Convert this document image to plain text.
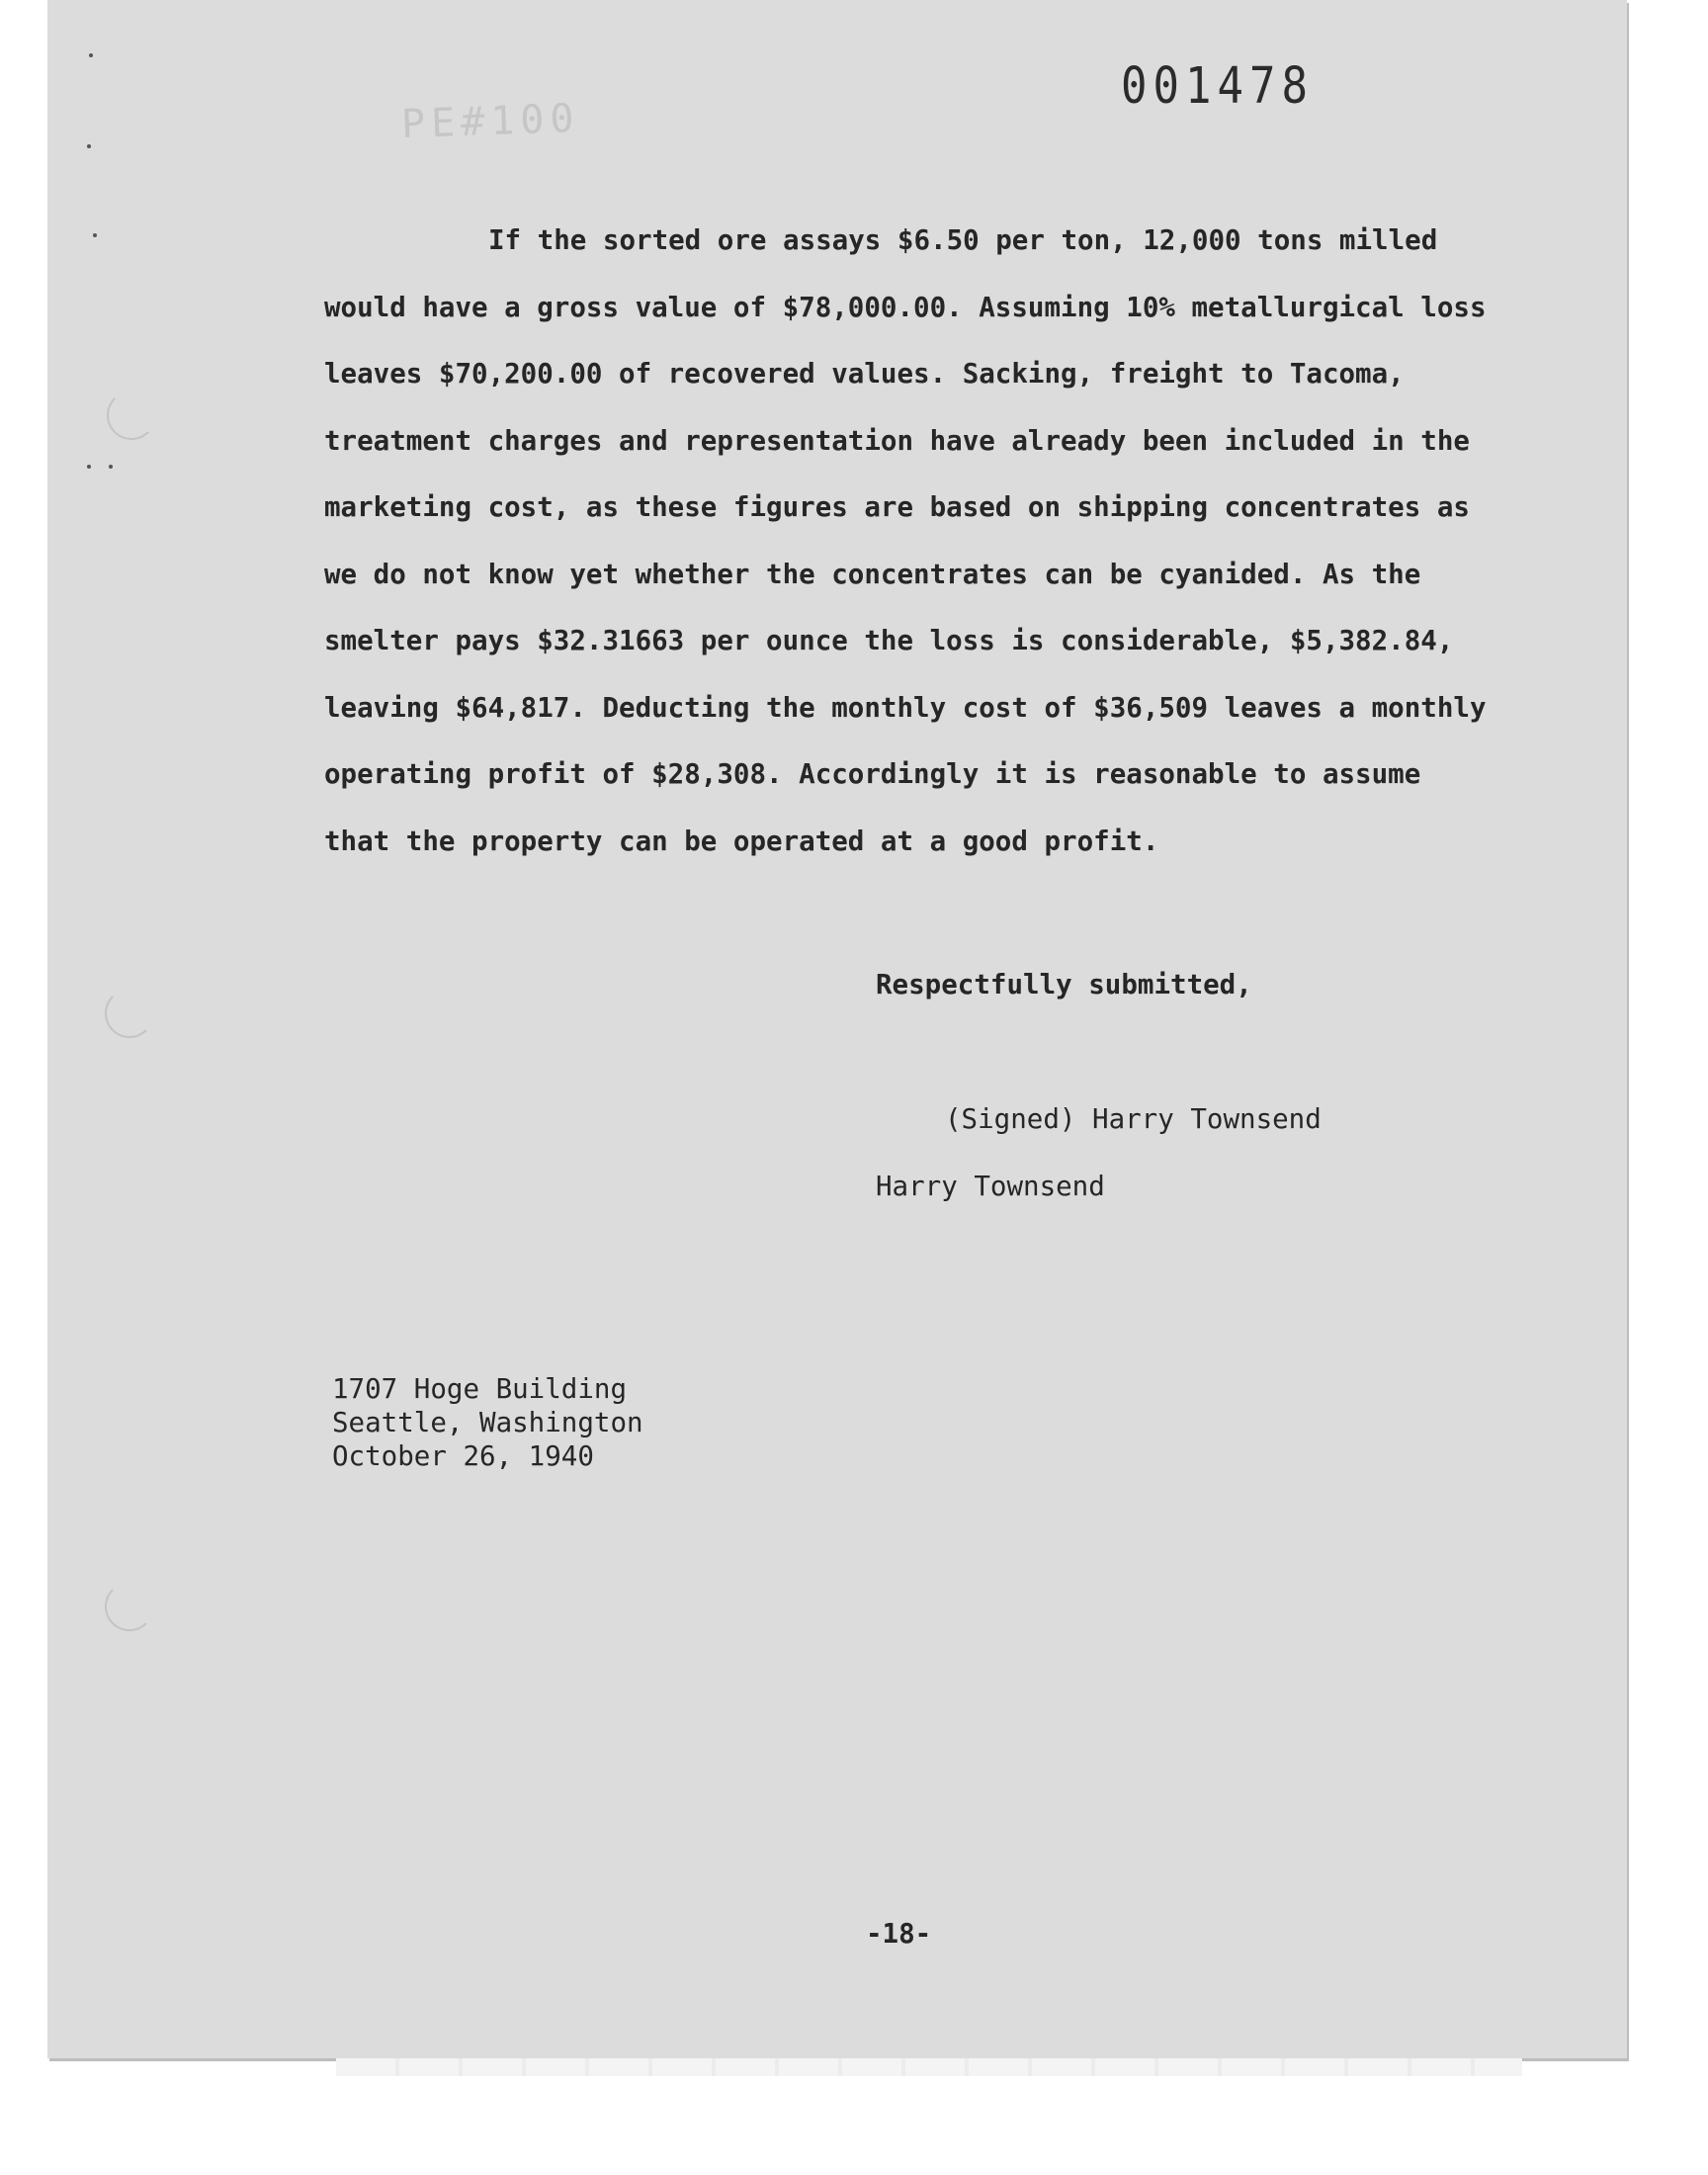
PE#100
001478

If the sorted ore assays $6.50 per ton, 12,000 tons milled would have a gross value of $78,000.00. Assuming 10% metallurgical loss leaves $70,200.00 of recovered values. Sacking, freight to Tacoma, treatment charges and representation have already been included in the marketing cost, as these figures are based on shipping concentrates as we do not know yet whether the concentrates can be cyanided. As the smelter pays $32.31663 per ounce the loss is considerable, $5,382.84, leaving $64,817. Deducting the monthly cost of $36,509 leaves a monthly operating profit of $28,308. Accordingly it is reasonable to assume that the property can be operated at a good profit.

Respectfully submitted,
(Signed) Harry Townsend
Harry Townsend
1707 Hoge Building
Seattle, Washington
October 26, 1940
-18-
